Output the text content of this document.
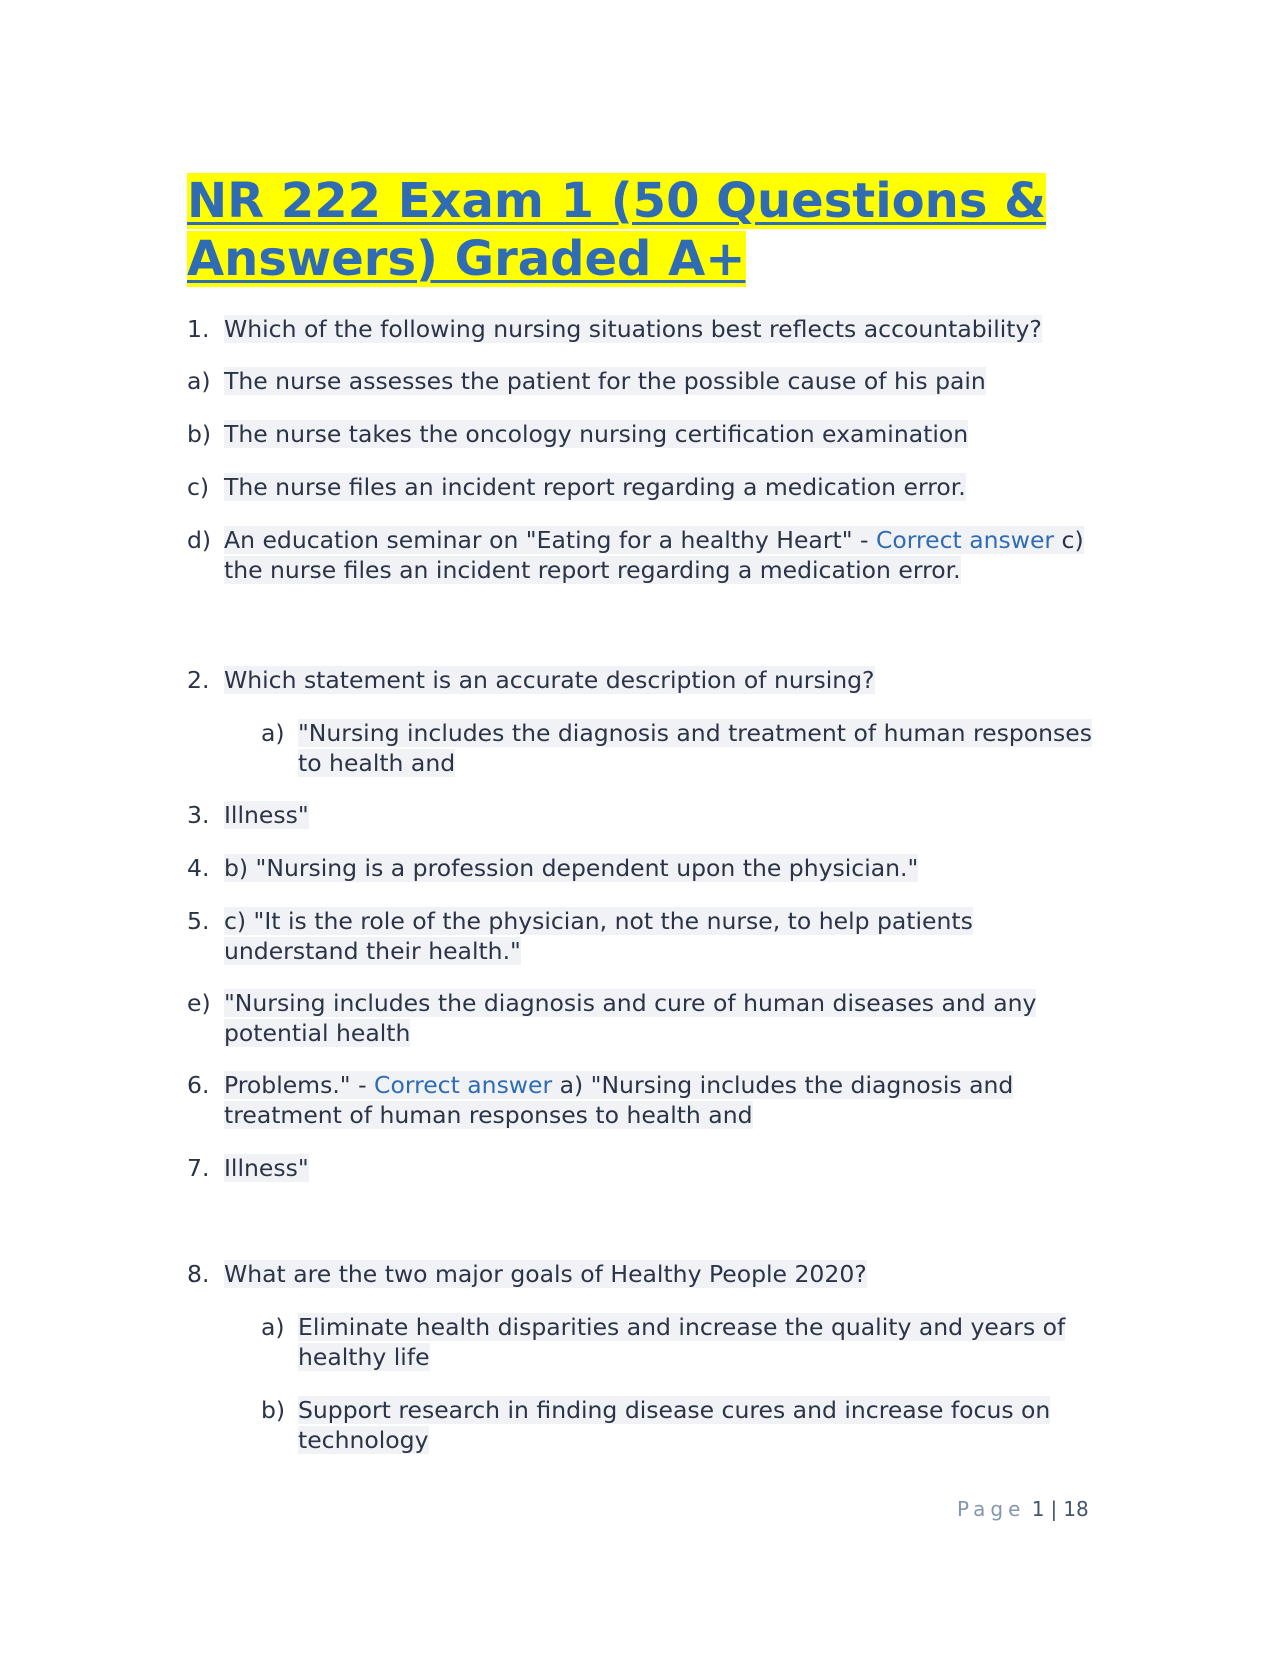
NR 222 Exam 1 (50 Questions &
Answers) Graded A+
1. Which of the following nursing situations best reflects accountability?
a) The nurse assesses the patient for the possible cause of his pain
b) The nurse takes the oncology nursing certification examination
c) The nurse files an incident report regarding a medication error.
d) An education seminar on "Eating for a healthy Heart" - Correct answer c) the nurse files an incident report regarding a medication error.
2. Which statement is an accurate description of nursing?
a) "Nursing includes the diagnosis and treatment of human responses to health and
3. Illness"
4. b) "Nursing is a profession dependent upon the physician."
5. c) "It is the role of the physician, not the nurse, to help patients understand their health."
e) "Nursing includes the diagnosis and cure of human diseases and any potential health
6. Problems." - Correct answer a) "Nursing includes the diagnosis and treatment of human responses to health and
7. Illness"
8. What are the two major goals of Healthy People 2020?
a) Eliminate health disparities and increase the quality and years of healthy life
b) Support research in finding disease cures and increase focus on technology
Page 1 | 18
